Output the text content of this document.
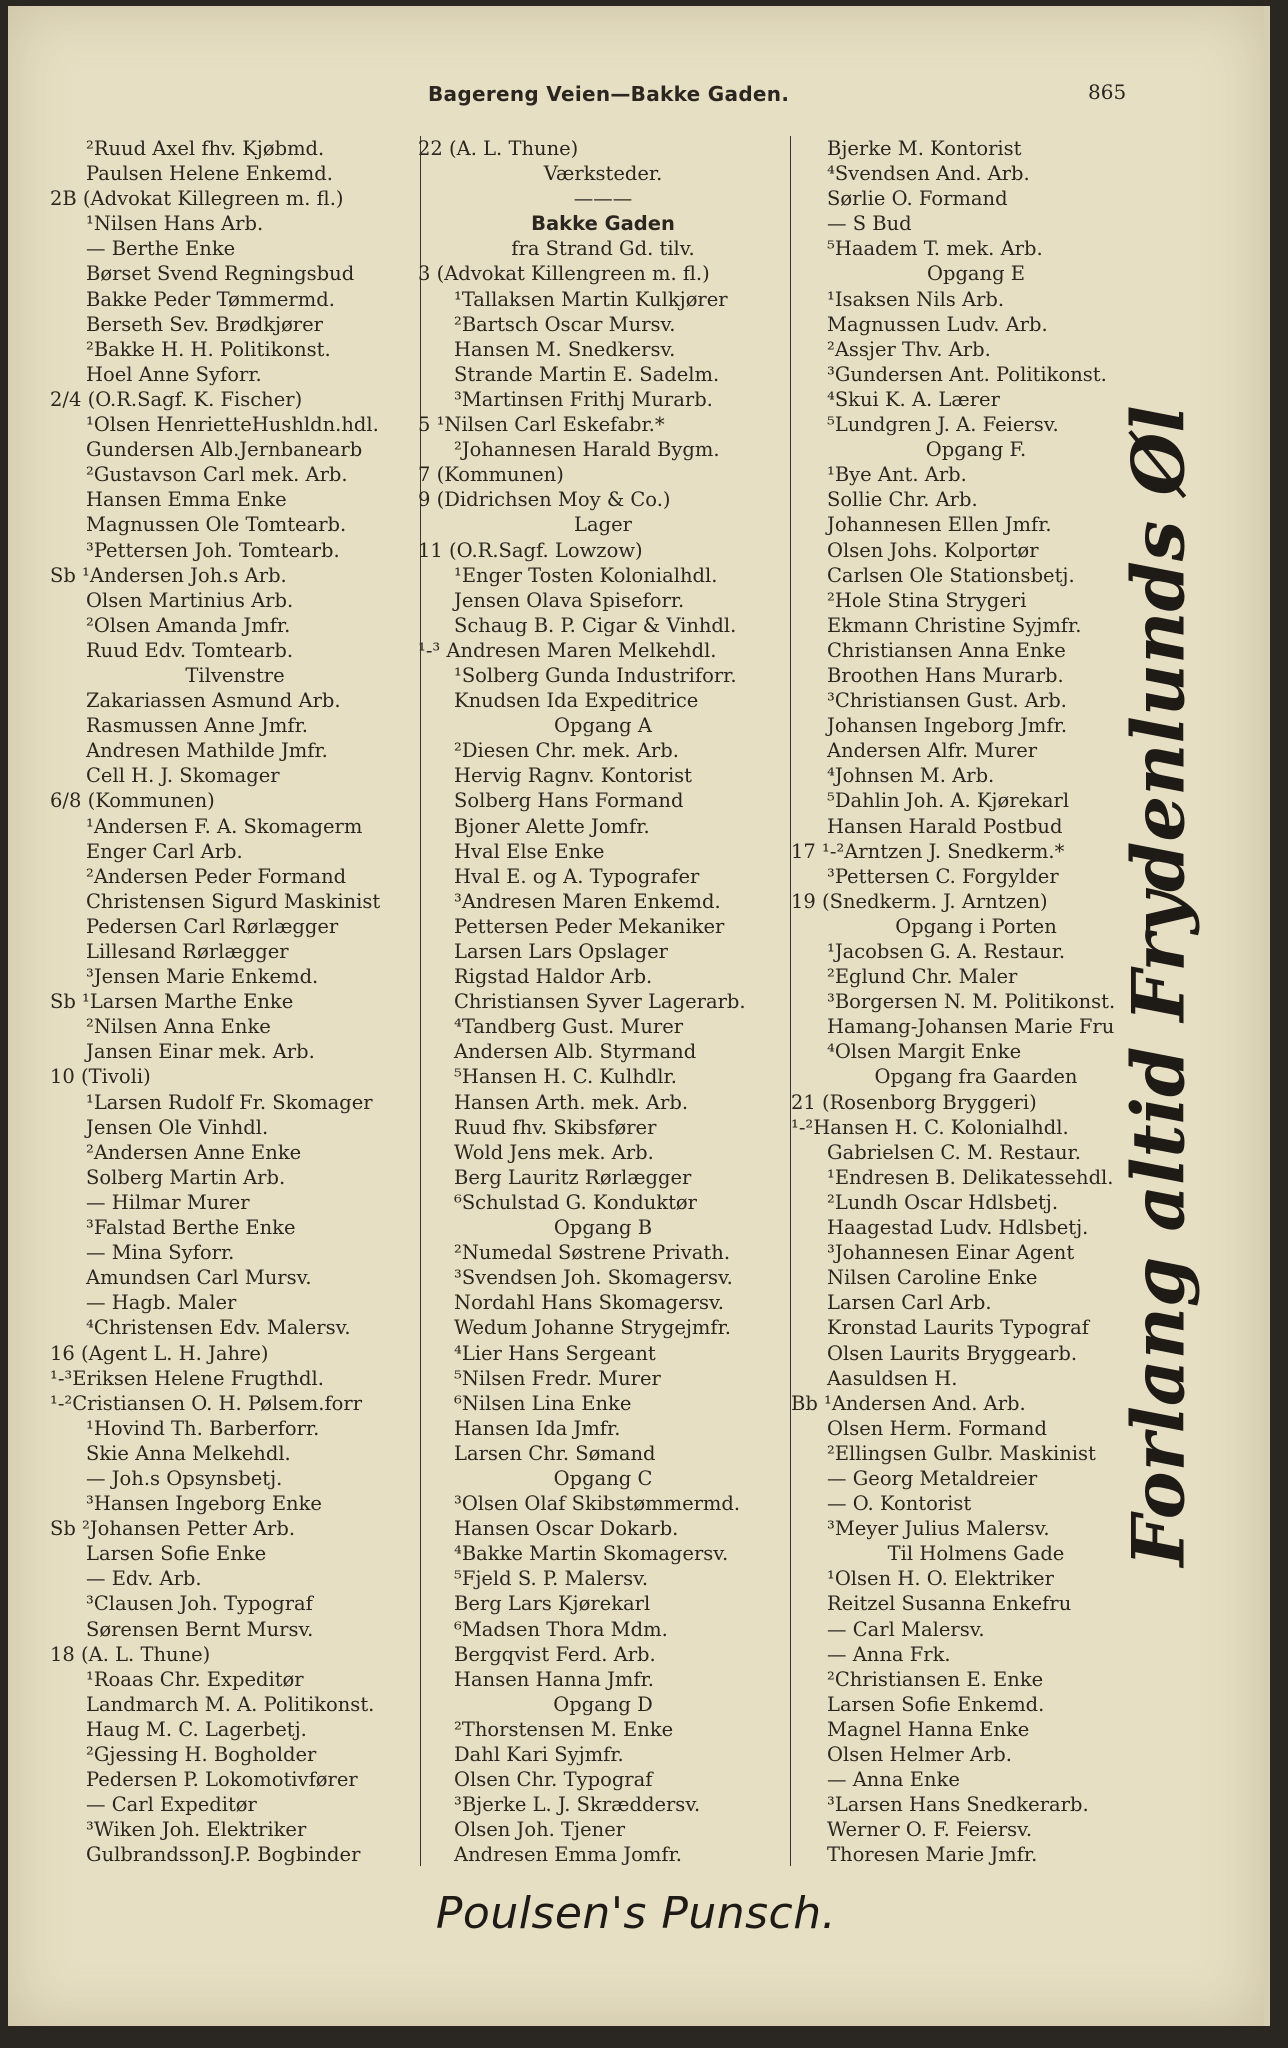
Bagereng Veien—Bakke Gaden.	865
²Ruud Axel fhv. Kjøbmd.
Paulsen Helene Enkemd.
2B (Advokat Killegreen m. fl.)
¹Nilsen Hans Arb.
— Berthe Enke
Børset Svend Regningsbud
Bakke Peder Tømmermd.
Berseth Sev. Brødkjører
²Bakke H. H. Politikonst.
Hoel Anne Syforr.
2/4 (O.R.Sagf. K. Fischer)
¹Olsen HenrietteHushldn.hdl.
Gundersen Alb.Jernbanearb
²Gustavson Carl mek. Arb.
Hansen Emma Enke
Magnussen Ole Tomtearb.
³Pettersen Joh. Tomtearb.
Sb ¹Andersen Joh.s Arb.
Olsen Martinius Arb.
²Olsen Amanda Jmfr.
Ruud Edv. Tomtearb.
Tilvenstre
Zakariassen Asmund Arb.
Rasmussen Anne Jmfr.
Andresen Mathilde Jmfr.
Cell H. J. Skomager
6/8 (Kommunen)
¹Andersen F. A. Skomagerm
Enger Carl Arb.
²Andersen Peder Formand
Christensen Sigurd Maskinist
Pedersen Carl Rørlægger
Lillesand Rørlægger
³Jensen Marie Enkemd.
Sb ¹Larsen Marthe Enke
²Nilsen Anna Enke
Jansen Einar mek. Arb.
10 (Tivoli)
¹Larsen Rudolf Fr. Skomager
Jensen Ole Vinhdl.
²Andersen Anne Enke
Solberg Martin Arb.
— Hilmar Murer
³Falstad Berthe Enke
— Mina Syforr.
Amundsen Carl Mursv.
— Hagb. Maler
⁴Christensen Edv. Malersv.
16 (Agent L. H. Jahre)
¹-³Eriksen Helene Frugthdl.
¹-²Cristiansen O. H. Pølsem.forr
¹Hovind Th. Barberforr.
Skie Anna Melkehdl.
— Joh.s Opsynsbetj.
³Hansen Ingeborg Enke
Sb ²Johansen Petter Arb.
Larsen Sofie Enke
— Edv. Arb.
³Clausen Joh. Typograf
Sørensen Bernt Mursv.
18 (A. L. Thune)
¹Roaas Chr. Expeditør
Landmarch M. A. Politikonst.
Haug M. C. Lagerbetj.
²Gjessing H. Bogholder
Pedersen P. Lokomotivfører
— Carl Expeditør
³Wiken Joh. Elektriker
GulbrandssonJ.P. Bogbinder
22 (A. L. Thune)
Værksteder.
———
Bakke Gaden
fra Strand Gd. tilv.
3 (Advokat Killengreen m. fl.)
¹Tallaksen Martin Kulkjører
²Bartsch Oscar Mursv.
Hansen M. Snedkersv.
Strande Martin E. Sadelm.
³Martinsen Frithj Murarb.
5 ¹Nilsen Carl Eskefabr.*
²Johannesen Harald Bygm.
7 (Kommunen)
9 (Didrichsen Moy & Co.)
Lager
11 (O.R.Sagf. Lowzow)
¹Enger Tosten Kolonialhdl.
Jensen Olava Spiseforr.
Schaug B. P. Cigar & Vinhdl.
¹-³ Andresen Maren Melkehdl.
¹Solberg Gunda Industriforr.
Knudsen Ida Expeditrice
Opgang A
²Diesen Chr. mek. Arb.
Hervig Ragnv. Kontorist
Solberg Hans Formand
Bjoner Alette Jomfr.
Hval Else Enke
Hval E. og A. Typografer
³Andresen Maren Enkemd.
Pettersen Peder Mekaniker
Larsen Lars Opslager
Rigstad Haldor Arb.
Christiansen Syver Lagerarb.
⁴Tandberg Gust. Murer
Andersen Alb. Styrmand
⁵Hansen H. C. Kulhdlr.
Hansen Arth. mek. Arb.
Ruud fhv. Skibsfører
Wold Jens mek. Arb.
Berg Lauritz Rørlægger
⁶Schulstad G. Konduktør
Opgang B
²Numedal Søstrene Privath.
³Svendsen Joh. Skomagersv.
Nordahl Hans Skomagersv.
Wedum Johanne Strygejmfr.
⁴Lier Hans Sergeant
⁵Nilsen Fredr. Murer
⁶Nilsen Lina Enke
Hansen Ida Jmfr.
Larsen Chr. Sømand
Opgang C
³Olsen Olaf Skibstømmermd.
Hansen Oscar Dokarb.
⁴Bakke Martin Skomagersv.
⁵Fjeld S. P. Malersv.
Berg Lars Kjørekarl
⁶Madsen Thora Mdm.
Bergqvist Ferd. Arb.
Hansen Hanna Jmfr.
Opgang D
²Thorstensen M. Enke
Dahl Kari Syjmfr.
Olsen Chr. Typograf
³Bjerke L. J. Skræddersv.
Olsen Joh. Tjener
Andresen Emma Jomfr.
Bjerke M. Kontorist
⁴Svendsen And. Arb.
Sørlie O. Formand
— S Bud
⁵Haadem T. mek. Arb.
Opgang E
¹Isaksen Nils Arb.
Magnussen Ludv. Arb.
²Assjer Thv. Arb.
³Gundersen Ant. Politikonst.
⁴Skui K. A. Lærer
⁵Lundgren J. A. Feiersv.
Opgang F.
¹Bye Ant. Arb.
Sollie Chr. Arb.
Johannesen Ellen Jmfr.
Olsen Johs. Kolportør
Carlsen Ole Stationsbetj.
²Hole Stina Strygeri
Ekmann Christine Syjmfr.
Christiansen Anna Enke
Broothen Hans Murarb.
³Christiansen Gust. Arb.
Johansen Ingeborg Jmfr.
Andersen Alfr. Murer
⁴Johnsen M. Arb.
⁵Dahlin Joh. A. Kjørekarl
Hansen Harald Postbud
17 ¹-²Arntzen J. Snedkerm.*
³Pettersen C. Forgylder
19 (Snedkerm. J. Arntzen)
Opgang i Porten
¹Jacobsen G. A. Restaur.
²Eglund Chr. Maler
³Borgersen N. M. Politikonst.
Hamang-Johansen Marie Fru
⁴Olsen Margit Enke
Opgang fra Gaarden
21 (Rosenborg Bryggeri)
¹-²Hansen H. C. Kolonialhdl.
Gabrielsen C. M. Restaur.
¹Endresen B. Delikatessehdl.
²Lundh Oscar Hdlsbetj.
Haagestad Ludv. Hdlsbetj.
³Johannesen Einar Agent
Nilsen Caroline Enke
Larsen Carl Arb.
Kronstad Laurits Typograf
Olsen Laurits Bryggearb.
Aasuldsen H.
Bb ¹Andersen And. Arb.
Olsen Herm. Formand
²Ellingsen Gulbr. Maskinist
— Georg Metaldreier
— O. Kontorist
³Meyer Julius Malersv.
Til Holmens Gade
¹Olsen H. O. Elektriker
Reitzel Susanna Enkefru
— Carl Malersv.
— Anna Frk.
²Christiansen E. Enke
Larsen Sofie Enkemd.
Magnel Hanna Enke
Olsen Helmer Arb.
— Anna Enke
³Larsen Hans Snedkerarb.
Werner O. F. Feiersv.
Thoresen Marie Jmfr.
Forlang altid Frydenlunds Øl
Poulsen's Punsch.
